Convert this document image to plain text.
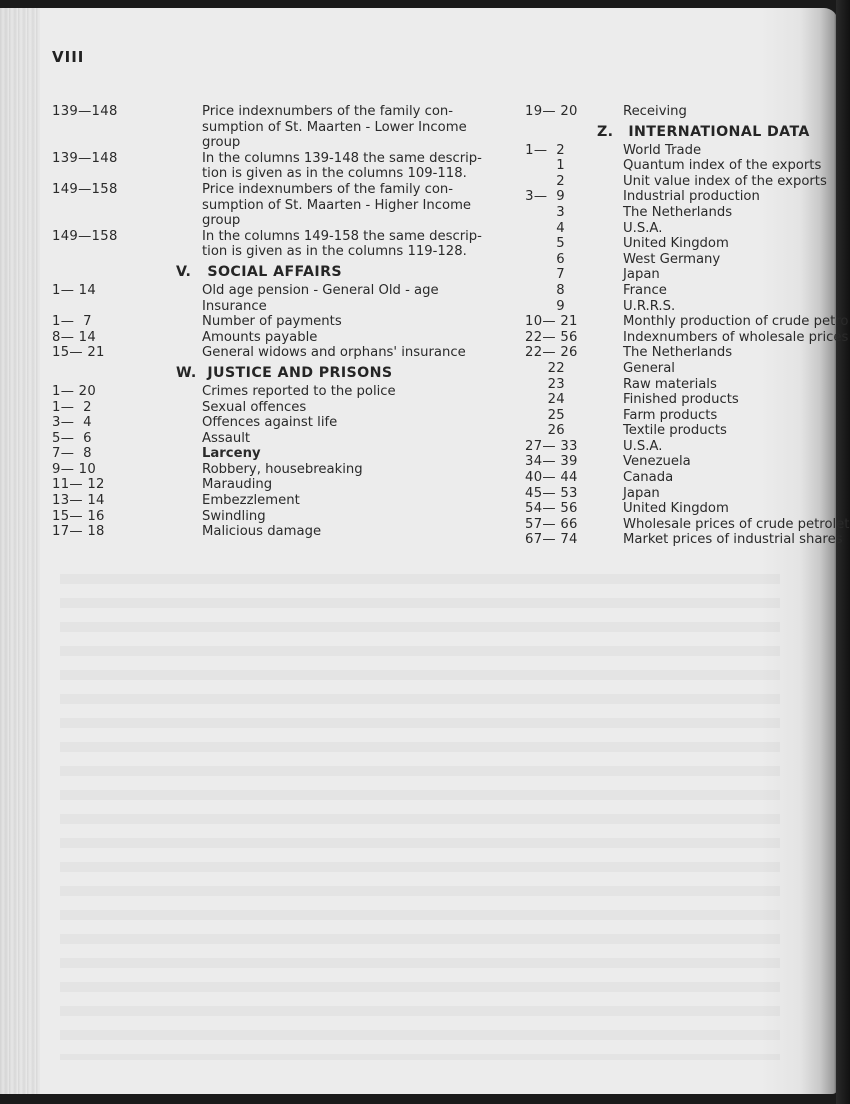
VIII
139—148	Price indexnumbers of the family con-
sumption of St. Maarten - Lower Income
group
139—148	In the columns 139-148 the same descrip-
tion is given as in the columns 109-118.
149—158	Price indexnumbers of the family con-
sumption of St. Maarten - Higher Income
group
149—158	In the columns 149-158 the same descrip-
tion is given as in the columns 119-128.
V. SOCIAL AFFAIRS
1— 14	Old age pension - General Old - age
Insurance
1—  7	Number of payments
8— 14	Amounts payable
15— 21	General widows and orphans' insurance
W. JUSTICE AND PRISONS
1— 20	Crimes reported to the police
1—  2	Sexual offences
3—  4	Offences against life
5—  6	Assault
7—  8	Larceny
9— 10	Robbery, housebreaking
11— 12	Marauding
13— 14	Embezzlement
15— 16	Swindling
17— 18	Malicious damage
19— 20	Receiving
Z. INTERNATIONAL DATA
1—  2	World Trade
1	Quantum index of the exports
2	Unit value index of the exports
3—  9	Industrial production
3	The Netherlands
4	U.S.A.
5	United Kingdom
6	West Germany
7	Japan
8	France
9	U.R.R.S.
10— 21	Monthly production of crude petro
22— 56	Indexnumbers of wholesale prices
22— 26	The Netherlands
22	General
23	Raw materials
24	Finished products
25	Farm products
26	Textile products
27— 33	U.S.A.
34— 39	Venezuela
40— 44	Canada
45— 53	Japan
54— 56	United Kingdom
57— 66	Wholesale prices of crude petrolet
67— 74	Market prices of industrial shares
